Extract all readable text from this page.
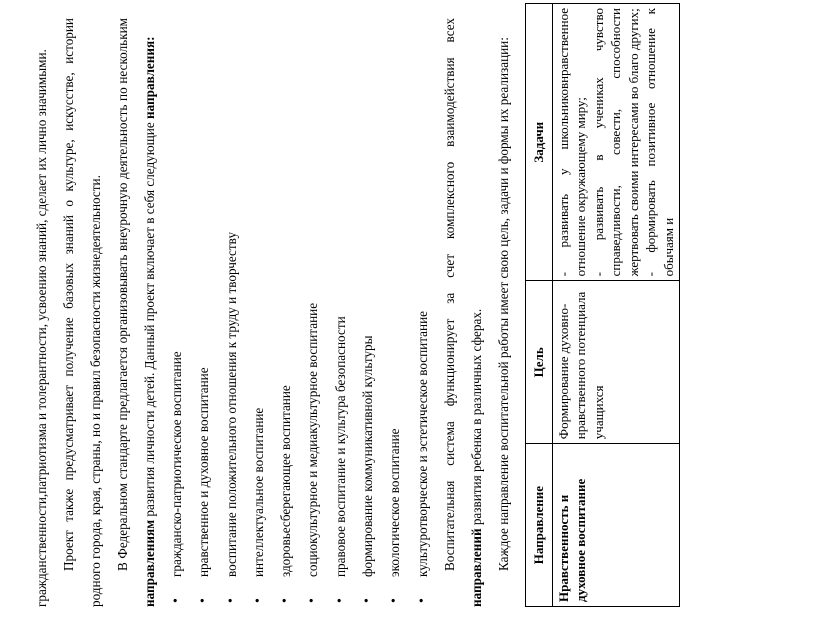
гражданственности,патриотизма и толерантности, усвоению знаний, сделает их лично значимыми. Проект также предусматривает получение базовых знаний о культуре, искусстве, истории родного города, края, страны, но и правил безопасности жизнедеятельности. В Федеральном стандарте предлагается организовывать внеурочную деятельность по нескольким направлениям развития личности детей. Данный проект включает в себя следующие направления:

•
гражданско-патриотическое воспитание
•
нравственное и духовное воспитание
•
воспитание положительного отношения к труду и творчеству
•
интеллектуальное воспитание
•
здоровьесберегающее воспитание
•
социокультурное и медиакультурное воспитание
•
правовое воспитание и культура безопасности
•
формирование коммуникативной культуры
•
экологическое воспитание
•
культуротворческое и эстетическое воспитание Воспитательная система функционирует за счет комплексного взаимодействия всех направлений развития ребенка в различных сферах. Каждое направление воспитательной работы имеет свою цель, задачи и формы их реализации:	Направление	Цель	Задачи
Нравственность и духовное воспитание	Формирование духовно-нравственного потенциала учащихся	- развивать у школьниковнравственное отношение окружающему миру; - развивать в учениках чувство справедливости, совести, способности жертвовать своими интересами во благо других; - формировать позитивное отношение к обычаям и
